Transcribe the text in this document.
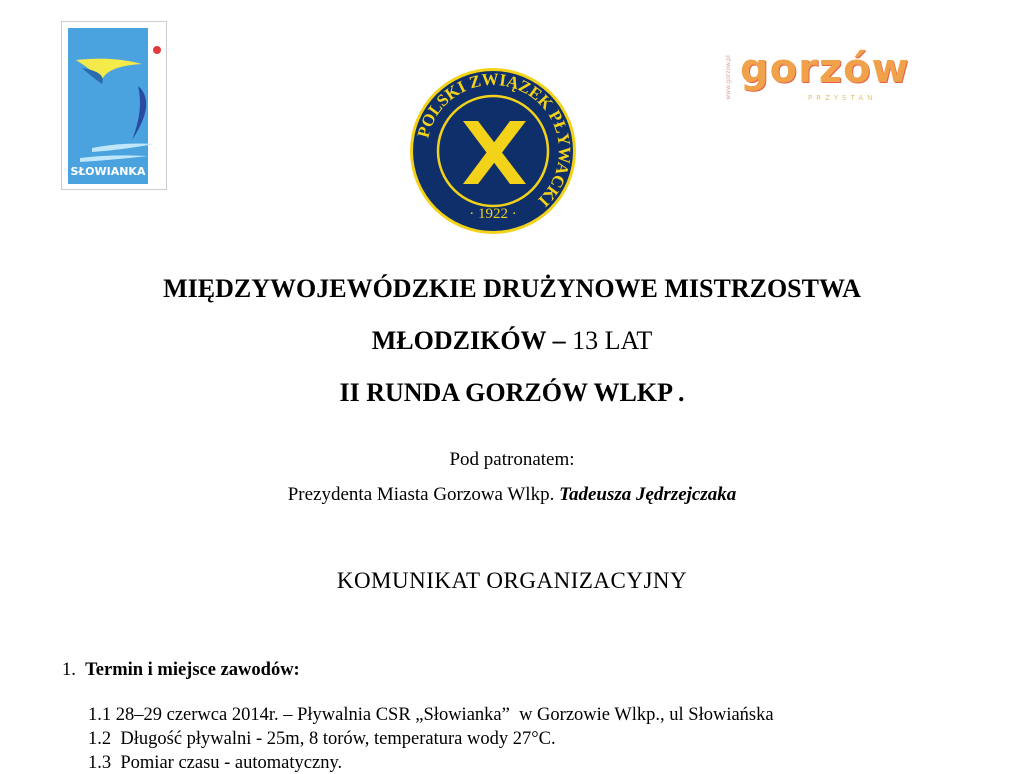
SŁOWIANKA
POLSKI ZWIĄZEK PŁYWACKI
· 1922 ·
www.gorzow.pl gorzów
PRZYSTAŃ
MIĘDZYWOJEWÓDZKIE DRUŻYNOWE MISTRZOSTWA
MŁODZIKÓW – 13 LAT
II RUNDA GORZÓW WLKP .
Pod patronatem:
Prezydenta Miasta Gorzowa Wlkp. Tadeusza Jędrzejczaka
KOMUNIKAT ORGANIZACYJNY
1. Termin i miejsce zawodów:
1.1 28–29 czerwca 2014r. – Pływalnia CSR „Słowianka”  w Gorzowie Wlkp., ul Słowiańska
1.2  Długość pływalni - 25m, 8 torów, temperatura wody 27°C.
1.3  Pomiar czasu - automatyczny.
